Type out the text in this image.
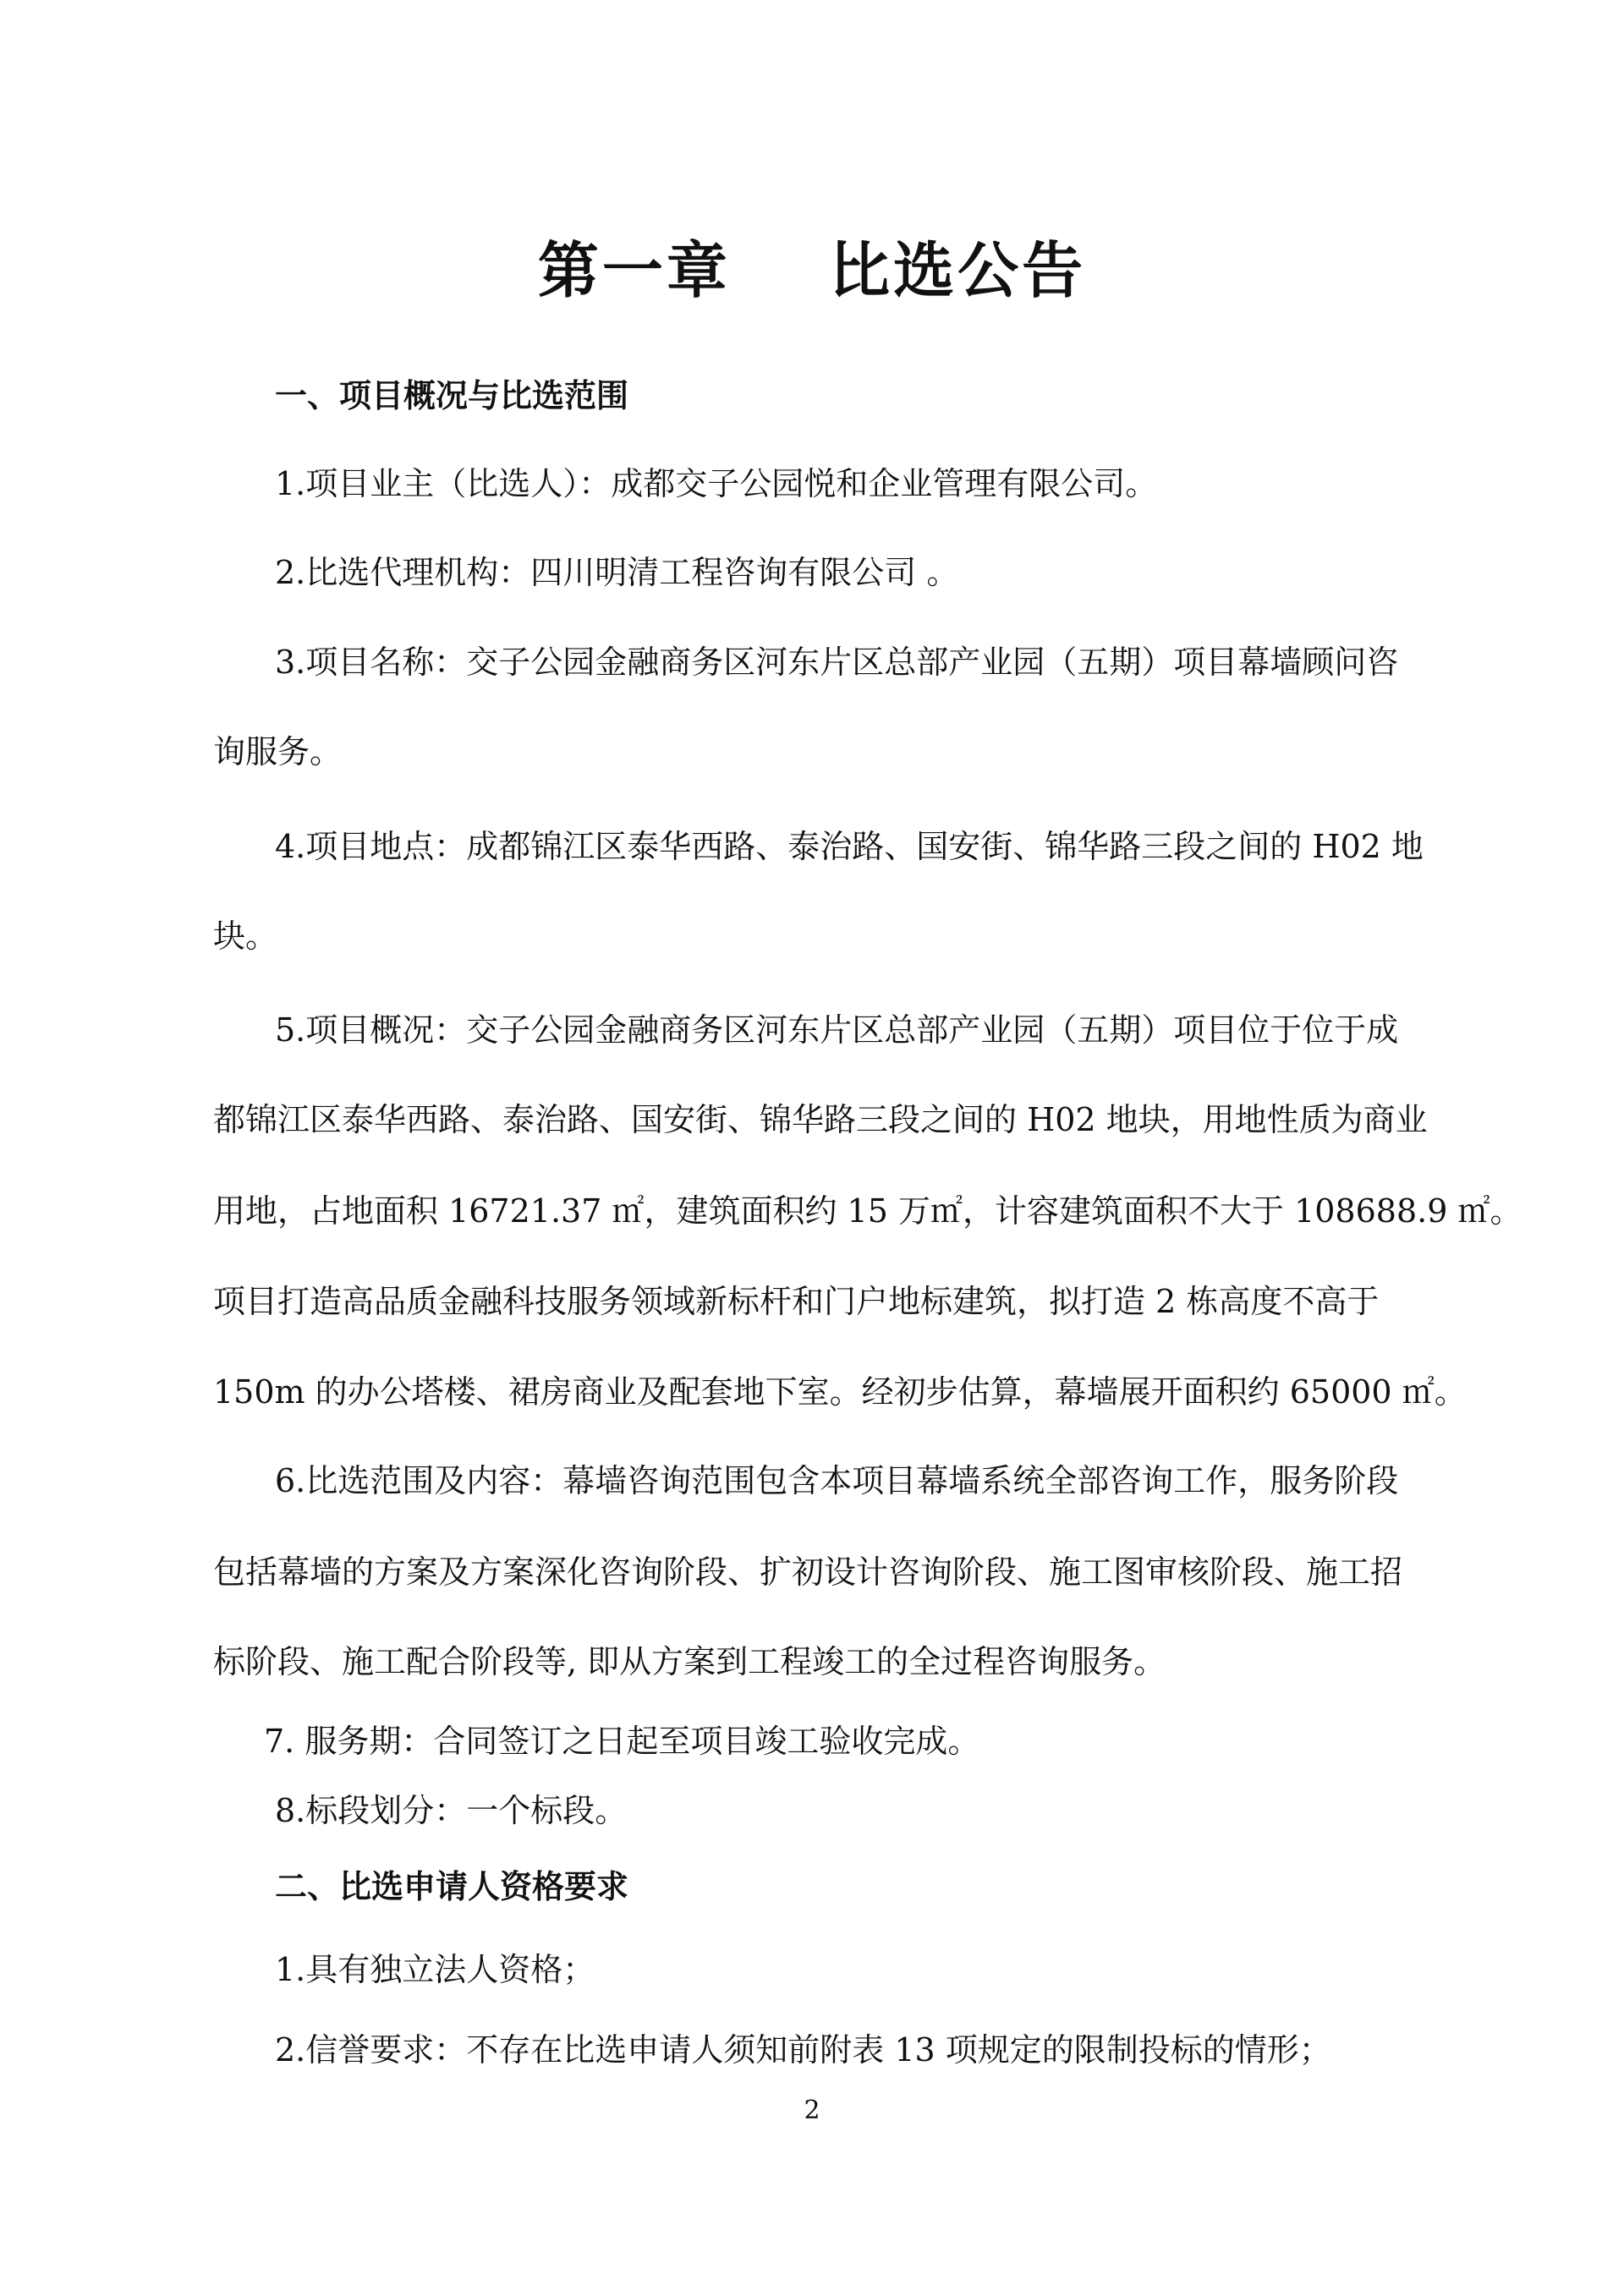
第一章    比选公告
一、项目概况与比选范围
1.项目业主（比选人）：成都交子公园悦和企业管理有限公司。
2.比选代理机构：四川明清工程咨询有限公司 。
3.项目名称：交子公园金融商务区河东片区总部产业园（五期）项目幕墙顾问咨
询服务。
4.项目地点：成都锦江区泰华西路、泰治路、国安街、锦华路三段之间的 H02 地
块。
5.项目概况：交子公园金融商务区河东片区总部产业园（五期）项目位于位于成
都锦江区泰华西路、泰治路、国安街、锦华路三段之间的 H02 地块，用地性质为商业
用地，占地面积 16721.37 ㎡，建筑面积约 15 万㎡，计容建筑面积不大于 108688.9 ㎡。
项目打造高品质金融科技服务领域新标杆和门户地标建筑，拟打造 2 栋高度不高于
150m 的办公塔楼、裙房商业及配套地下室。经初步估算，幕墙展开面积约 65000 ㎡。
6.比选范围及内容：幕墙咨询范围包含本项目幕墙系统全部咨询工作，服务阶段
包括幕墙的方案及方案深化咨询阶段、扩初设计咨询阶段、施工图审核阶段、施工招
标阶段、施工配合阶段等, 即从方案到工程竣工的全过程咨询服务。
7. 服务期：合同签订之日起至项目竣工验收完成。
8.标段划分：一个标段。
二、比选申请人资格要求
1.具有独立法人资格；
2.信誉要求：不存在比选申请人须知前附表 13 项规定的限制投标的情形；
2
